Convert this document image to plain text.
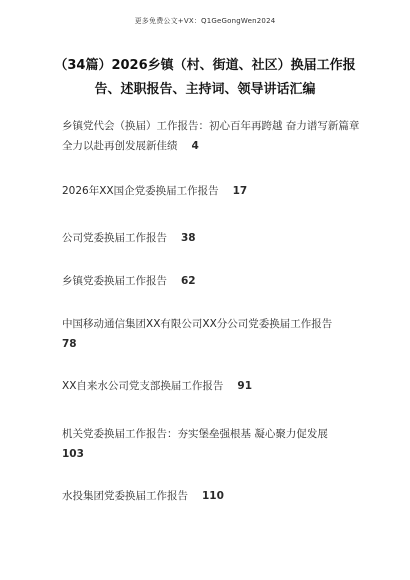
更多免费公文+VX：Q1GeGongWen2024
（34篇）2026乡镇（村、街道、社区）换届工作报告、述职报告、主持词、领导讲话汇编
乡镇党代会（换届）工作报告：初心百年再跨越 奋力谱写新篇章 全力以赴再创发展新佳绩 4
2026年XX国企党委换届工作报告 17
公司党委换届工作报告 38
乡镇党委换届工作报告 62
中国移动通信集团XX有限公司XX分公司党委换届工作报告
78
XX自来水公司党支部换届工作报告 91
机关党委换届工作报告：夯实堡垒强根基 凝心聚力促发展
103
水投集团党委换届工作报告 110
